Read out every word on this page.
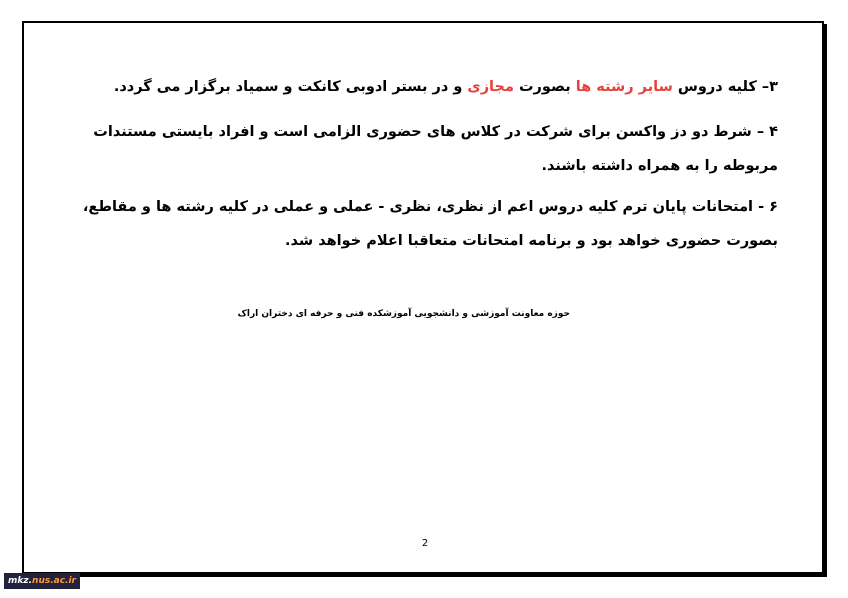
۳– کلیه دروس سایر رشته ها بصورت مجازی و در بستر ادوبی کانکت و سمیاد برگزار می گردد.

۴ – شرط دو دز واکسن برای شرکت در کلاس های حضوری الزامی است و افراد بایستی مستندات مربوطه را به همراه داشته باشند.

۶ - امتحانات پایان ترم کلیه دروس اعم از نظری، نظری - عملی و عملی در کلیه رشته ها و مقاطع، بصورت حضوری خواهد بود و برنامه امتحانات متعاقبا اعلام خواهد شد.

حوزه معاونت آموزشی و دانشجویی آموزشکده فنی و حرفه ای دختران اراک
2
mkz.nus.ac.ir
